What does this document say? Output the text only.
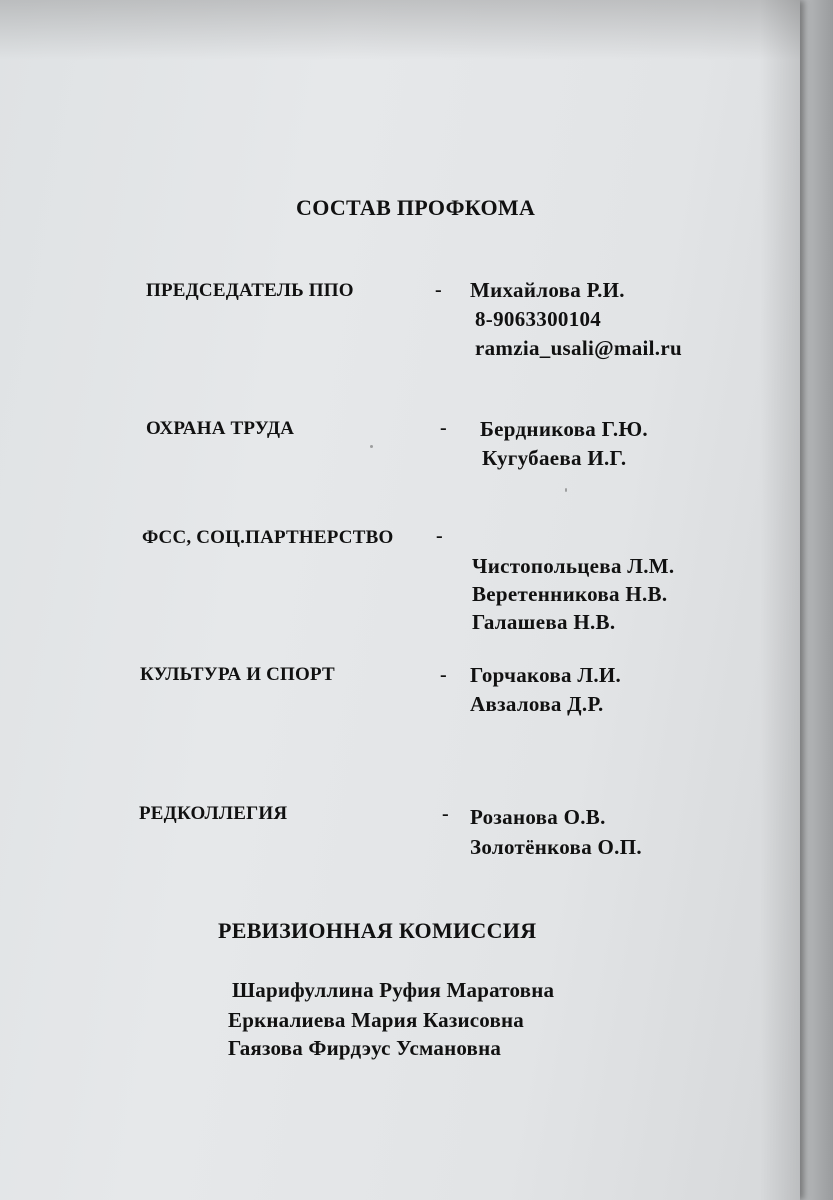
СОСТАВ ПРОФКОМА
ПРЕДСЕДАТЕЛЬ ППО	- Михайлова Р.И.
8-9063300104
ramzia_usali@mail.ru
ОХРАНА ТРУДА	- Бердникова Г.Ю.
Кугубаева И.Г.
ФСС, СОЦ.ПАРТНЕРСТВО -
Чистопольцева Л.М.
Веретенникова Н.В.
Галашева Н.В.
КУЛЬТУРА И СПОРТ	- Горчакова Л.И.
Авзалова Д.Р.
РЕДКОЛЛЕГИЯ	- Розанова О.В.
Золотёнкова О.П.
РЕВИЗИОННАЯ КОМИССИЯ
Шарифуллина Руфия Маратовна
Еркналиева Мария Казисовна
Гаязова Фирдэус Усмановна
